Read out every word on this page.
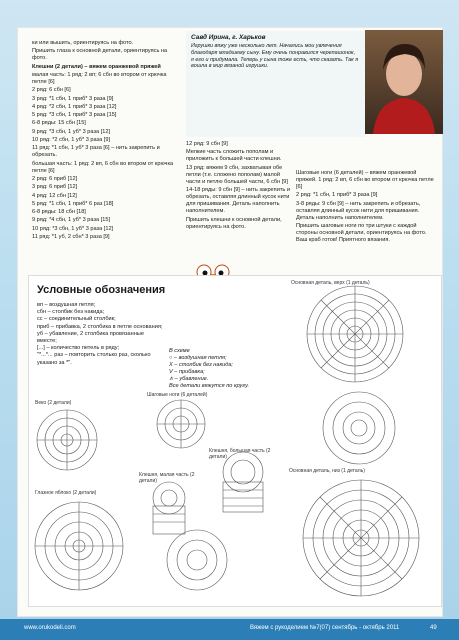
ки или вышить, ориентируясь на фото.

Пришить глаза к основной детали, ориентируясь на фото.

Клешни (2 детали) – вяжем оранжевой пряжей

малая часть: 1 ряд: 2 вп; 6 сбн во втором от крючка петле [6]

2 ряд: 6 сбн [6]

3 ряд: *1 сбн, 1 приб* 3 раза [9]

4 ряд: *2 сбн, 1 приб* 3 раза [12]

5 ряд: *3 сбн, 1 приб* 3 раза [15]

6-8 ряды: 15 сбн [15]

9 ряд: *3 сбн, 1 уб* 3 раза [12]

10 ряд: *2 сбн, 1 уб* 3 раза [9]

11 ряд: *1 сбн, 1 уб* 3 раза [6] – нить закрепить и обрезать.

большая часть: 1 ряд: 2 вп, 6 сбн во втором от крючка петле [6]

2 ряд: 6 приб [12]

3 ряд: 6 приб [12]

4 ряд: 12 сбн [12]

5 ряд: *1 сбн, 1 приб* 6 раз [18]

6-8 ряды: 18 сбн [18]

9 ряд: *4 сбн, 1 уб* 3 раза [15]

10 ряд: *3 сбн, 1 уб* 3 раза [12]

11 ряд: *1 уб, 2 сбн* 3 раза [9]

Савд Ирина, г. Харьков
Игрушки вяжу уже несколько лет. Начались мои увлечения благодаря младшему сыну. Ему очень понравился черепашонок, я его и придумала. Теперь у сына тоже есть, что сказать. Так я вошла в мир вязаной игрушки.

12 ряд: 9 сбн [9]

Мелкие часть сложить пополам и приложить к большей части клешни.

13 ряд: вяжем 9 сбн, захватывая обе петли (т.е. сложено пополам) малой части и петлю большей части, 6 сбн [9]

14-18 ряды: 9 сбн [9] – нить закрепить и обрезать, оставляя длинный кусок нити для пришивания. Деталь наполнить наполнителем.

Пришить клешни к основной детали, ориентируясь на фото.

Шаговые ноги (6 деталей) – вяжем оранжевой пряжей. 1 ряд: 2 вп, 6 сбн во втором от крючка петле [6]

2 ряд: *1 сбн, 1 приб* 3 раза [9]

3-8 ряды: 9 сбн [9] – нить закрепить и обрезать, оставляя длинный кусок нити для пришивания. Деталь наполнить наполнителем.

Пришить шаговые ноги по три штуки с каждой стороны основной детали, ориентируясь на фото. Ваш краб готов! Приятного вязания.

Условные обозначения

вп – воздушная петля;

сбн – столбик без накида;

сс – соединительный столбик;

приб – прибавка, 2 столбика в петле основания;

уб – убавление, 2 столбика провязанные вместе;

[...] – количество петель в ряду;

"*...*... раз – повторить столько раз, сколько указано за *".

В схеме
○ – воздушная петля;
X – столбик без накида;
V – прибавка;
∧ – убавление.
Все детали вяжутся по кругу.
Основная деталь, верх (1 деталь)
Веко (2 детали)
Шаговые ноги (6 деталей)
Клешня, большая часть (2 детали)
Клешня, малая часть (2 детали)
Глазное яблоко (2 детали)
Основная деталь, низ (1 деталь)
www.orukodeli.com	Вяжем с рукоделием №7(07) сентябрь - октябрь 2011	49
